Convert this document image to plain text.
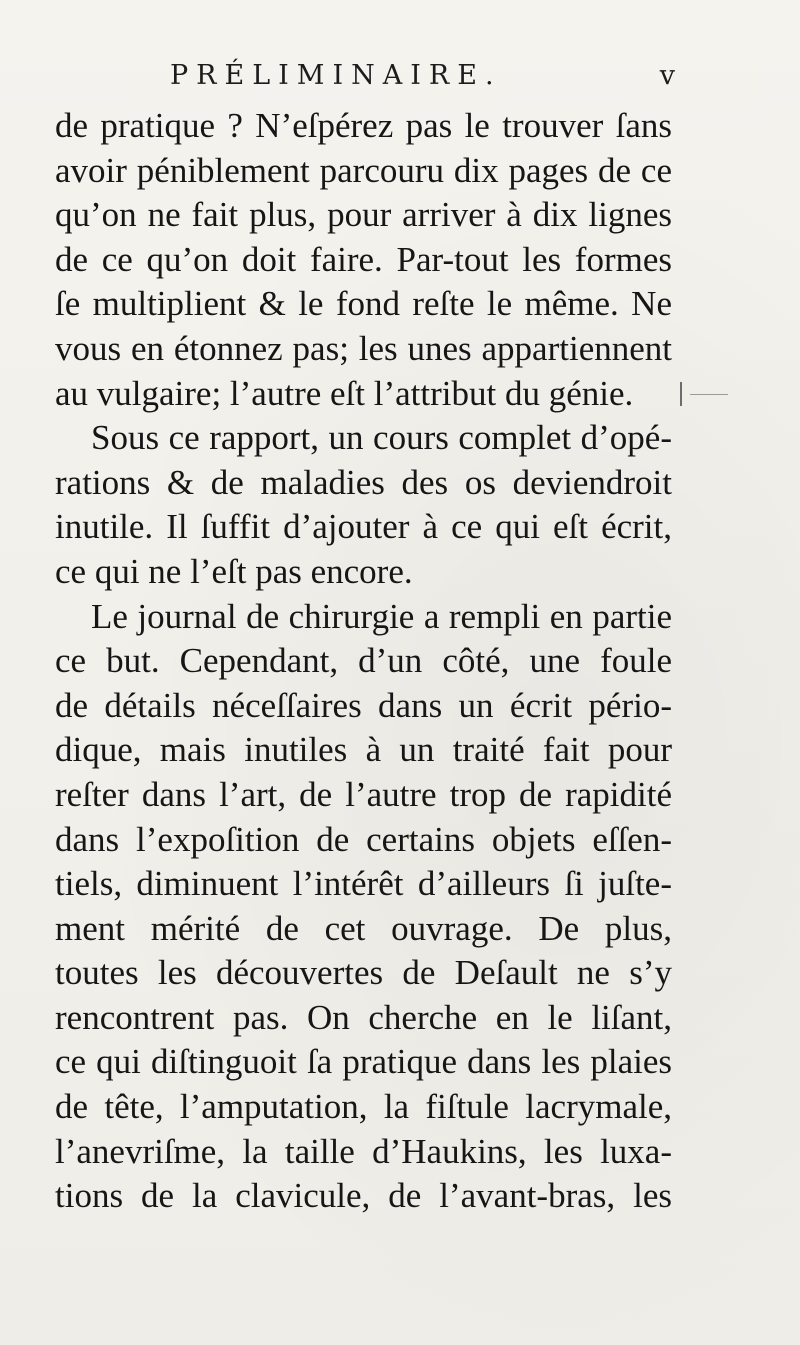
PRÉLIMINAIRE.	v
de pratique ? N’eſpérez pas le trouver ſans
avoir péniblement parcouru dix pages de ce
qu’on ne fait plus, pour arriver à dix lignes
de ce qu’on doit faire. Par-tout les formes
ſe multiplient & le fond reſte le même. Ne
vous en étonnez pas; les unes appartiennent
au vulgaire; l’autre eſt l’attribut du génie.
Sous ce rapport, un cours complet d’opé-
rations & de maladies des os deviendroit
inutile. Il ſuffit d’ajouter à ce qui eſt écrit,
ce qui ne l’eſt pas encore.
Le journal de chirurgie a rempli en partie
ce but. Cependant, d’un côté, une foule
de détails néceſſaires dans un écrit pério-
dique, mais inutiles à un traité fait pour
reſter dans l’art, de l’autre trop de rapidité
dans l’expoſition de certains objets eſſen-
tiels, diminuent l’intérêt d’ailleurs ſi juſte-
ment mérité de cet ouvrage. De plus,
toutes les découvertes de Deſault ne s’y
rencontrent pas. On cherche en le liſant,
ce qui diſtinguoit ſa pratique dans les plaies
de tête, l’amputation, la fiſtule lacrymale,
l’anevriſme, la taille d’Haukins, les luxa-
tions de la clavicule, de l’avant-bras, les
